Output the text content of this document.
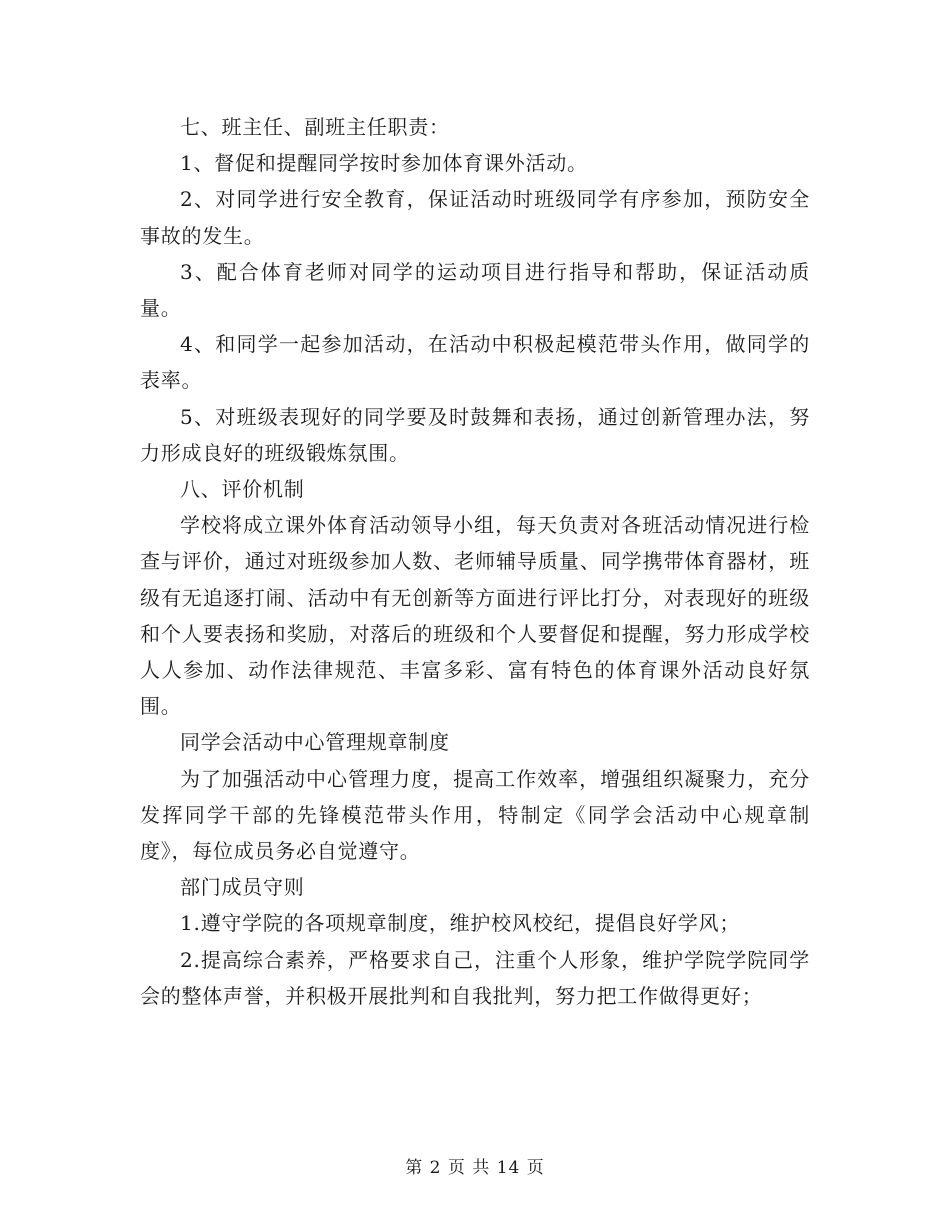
七、班主任、副班主任职责：

1、督促和提醒同学按时参加体育课外活动。

2、对同学进行安全教育，保证活动时班级同学有序参加，预防安全事故的发生。

3、配合体育老师对同学的运动项目进行指导和帮助，保证活动质量。

4、和同学一起参加活动，在活动中积极起模范带头作用，做同学的表率。

5、对班级表现好的同学要及时鼓舞和表扬，通过创新管理办法，努力形成良好的班级锻炼氛围。

八、评价机制

学校将成立课外体育活动领导小组，每天负责对各班活动情况进行检查与评价，通过对班级参加人数、老师辅导质量、同学携带体育器材，班级有无追逐打闹、活动中有无创新等方面进行评比打分，对表现好的班级和个人要表扬和奖励，对落后的班级和个人要督促和提醒，努力形成学校人人参加、动作法律规范、丰富多彩、富有特色的体育课外活动良好氛围。

同学会活动中心管理规章制度

为了加强活动中心管理力度，提高工作效率，增强组织凝聚力，充分发挥同学干部的先锋模范带头作用，特制定《同学会活动中心规章制度》，每位成员务必自觉遵守。

部门成员守则

1.遵守学院的各项规章制度，维护校风校纪，提倡良好学风；

2.提高综合素养，严格要求自己，注重个人形象，维护学院学院同学会的整体声誉，并积极开展批判和自我批判，努力把工作做得更好；

第 2 页 共 14 页
